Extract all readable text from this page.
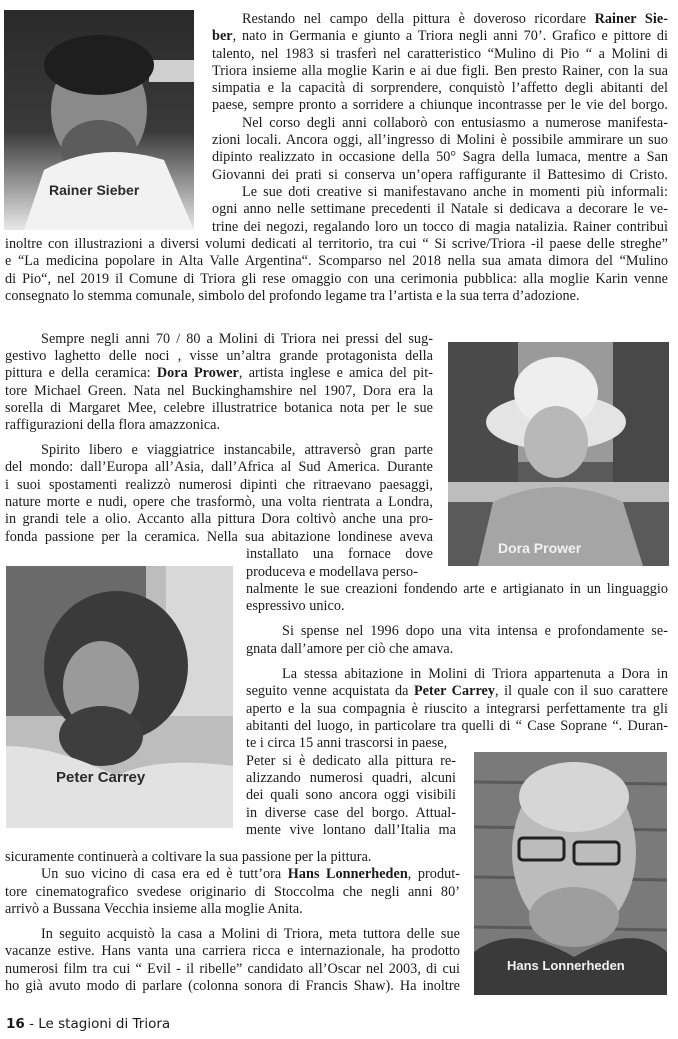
Rainer Sieber
Dora Prower
Peter Carrey
Hans Lonnerheden
Restando nel campo della pittura è doveroso ricordare Rainer Sie-
ber, nato in Germania e giunto a Triora negli anni 70’. Grafico e pittore di
talento, nel 1983 si trasferì nel caratteristico “Mulino di Pio “ a Molini di
Triora insieme alla moglie Karin e ai due figli. Ben presto Rainer, con la sua
simpatia e la capacità di sorprendere, conquistò l’affetto degli abitanti del
paese, sempre pronto a sorridere a chiunque incontrasse per le vie del borgo.
Nel corso degli anni collaborò con entusiasmo a numerose manifesta-
zioni locali. Ancora oggi, all’ingresso di Molini è possibile ammirare un suo
dipinto realizzato in occasione della 50° Sagra della lumaca, mentre a San
Giovanni dei prati si conserva un’opera raffigurante il Battesimo di Cristo.
Le sue doti creative si manifestavano anche in momenti più informali:
ogni anno nelle settimane precedenti il Natale si dedicava a decorare le ve-
trine dei negozi, regalando loro un tocco di magia natalizia. Rainer contribuì
inoltre con illustrazioni a diversi volumi dedicati al territorio, tra cui “ Si scrive/Triora -il paese delle streghe”
e “La medicina popolare in Alta Valle Argentina“. Scomparso nel 2018 nella sua amata dimora del “Mulino
di Pio“, nel 2019 il Comune di Triora gli rese omaggio con una cerimonia pubblica: alla moglie Karin venne
consegnato lo stemma comunale, simbolo del profondo legame tra l’artista e la sua terra d’adozione.
Sempre negli anni 70 / 80 a Molini di Triora nei pressi del sug-
gestivo laghetto delle noci , visse un’altra grande protagonista della
pittura e della ceramica: Dora Prower, artista inglese e amica del pit-
tore Michael Green. Nata nel Buckinghamshire nel 1907, Dora era la
sorella di Margaret Mee, celebre illustratrice botanica nota per le sue
raffigurazioni della flora amazzonica.
Spirito libero e viaggiatrice instancabile, attraversò gran parte
del mondo: dall’Europa all’Asia, dall’Africa al Sud America. Durante
i suoi spostamenti realizzò numerosi dipinti che ritraevano paesaggi,
nature morte e nudi, opere che trasformò, una volta rientrata a Londra,
in grandi tele a olio. Accanto alla pittura Dora coltivò anche una pro-
fonda passione per la ceramica. Nella sua abitazione londinese aveva
installato una fornace dove
produceva e modellava perso-
nalmente le sue creazioni fondendo arte e artigianato in un linguaggio
espressivo unico.
Si spense nel 1996 dopo una vita intensa e profondamente se-
gnata dall’amore per ciò che amava.
La stessa abitazione in Molini di Triora appartenuta a Dora in
seguito venne acquistata da Peter Carrey, il quale con il suo carattere
aperto e la sua compagnia è riuscito a integrarsi perfettamente tra gli
abitanti del luogo, in particolare tra quelli di “ Case Soprane “. Duran-
te i circa 15 anni trascorsi in paese,
Peter si è dedicato alla pittura re-
alizzando numerosi quadri, alcuni
dei quali sono ancora oggi visibili
in diverse case del borgo. Attual-
mente vive lontano dall’Italia ma
sicuramente continuerà a coltivare la sua passione per la pittura.
Un suo vicino di casa era ed è tutt’ora Hans Lonnerheden, produt-
tore cinematografico svedese originario di Stoccolma che negli anni 80’
arrivò a Bussana Vecchia insieme alla moglie Anita.
In seguito acquistò la casa a Molini di Triora, meta tuttora delle sue
vacanze estive. Hans vanta una carriera ricca e internazionale, ha prodotto
numerosi film tra cui “ Evil - il ribelle” candidato all’Oscar nel 2003, di cui
ho già avuto modo di parlare (colonna sonora di Francis Shaw). Ha inoltre
16 - Le stagioni di Triora
